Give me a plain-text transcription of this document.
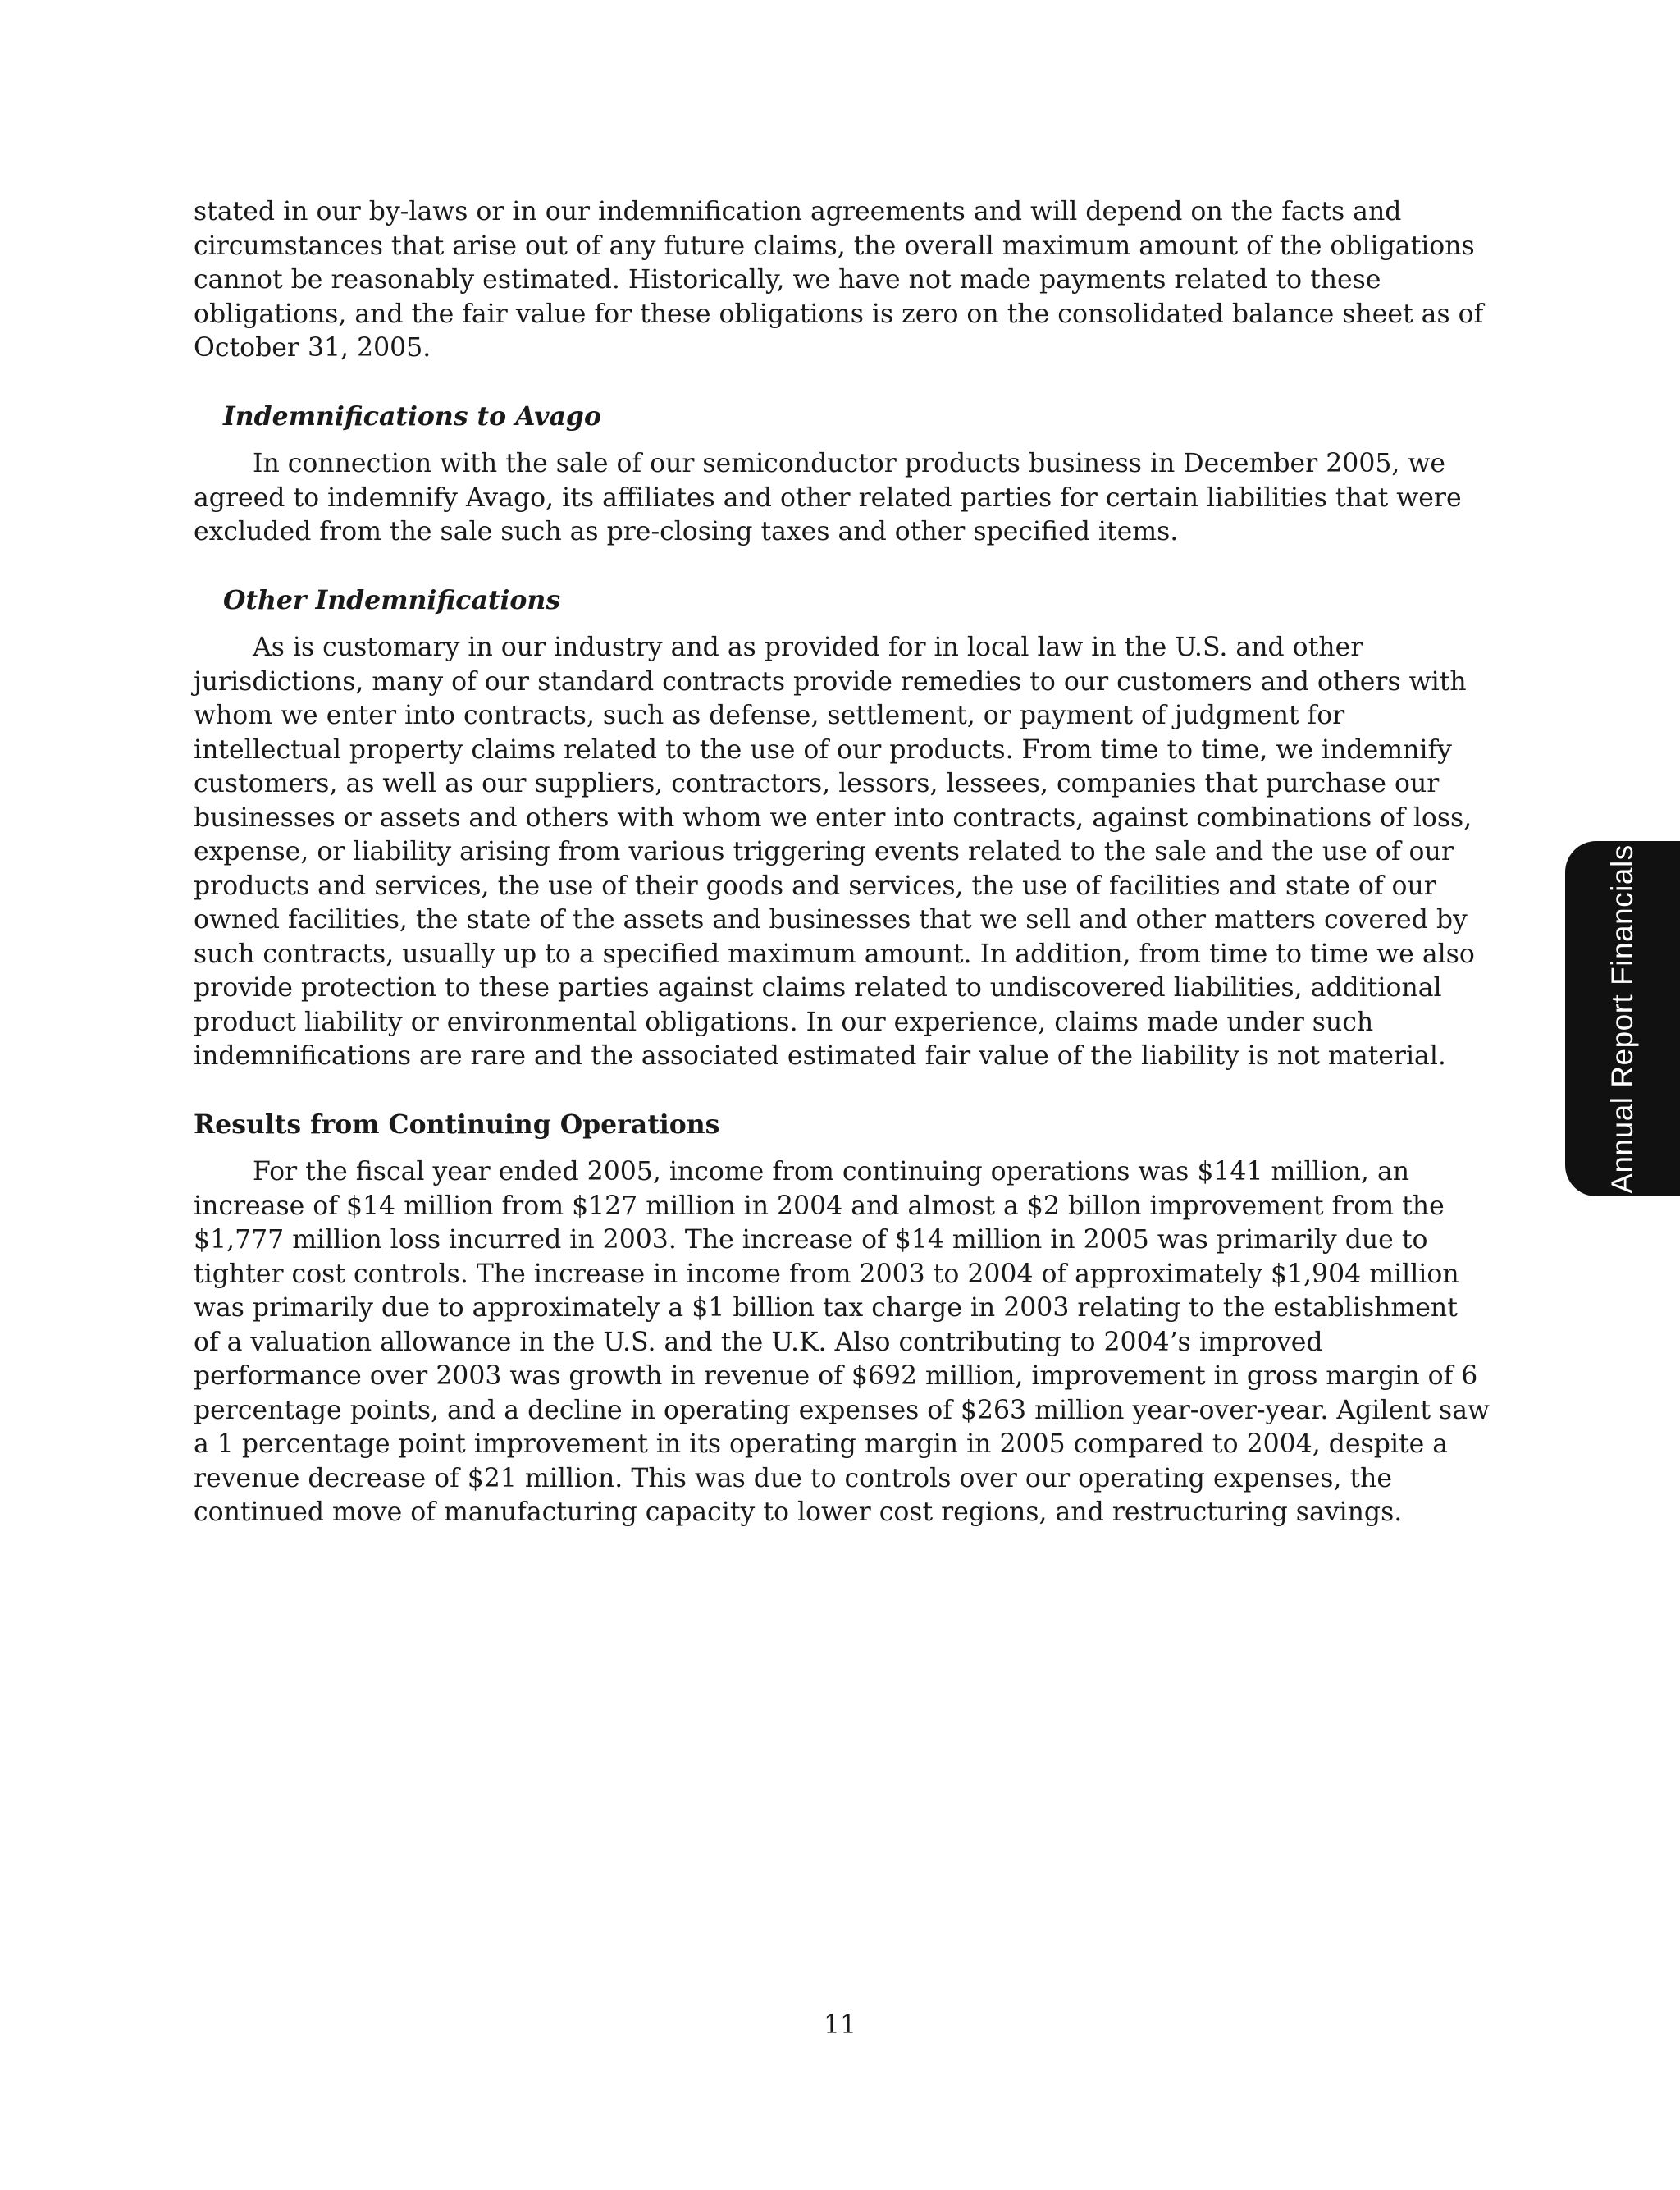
stated in our by-laws or in our indemnification agreements and will depend on the facts and circumstances that arise out of any future claims, the overall maximum amount of the obligations cannot be reasonably estimated. Historically, we have not made payments related to these obligations, and the fair value for these obligations is zero on the consolidated balance sheet as of October 31, 2005.

Indemnifications to Avago

In connection with the sale of our semiconductor products business in December 2005, we agreed to indemnify Avago, its affiliates and other related parties for certain liabilities that were excluded from the sale such as pre-closing taxes and other specified items.

Other Indemnifications

As is customary in our industry and as provided for in local law in the U.S. and other jurisdictions, many of our standard contracts provide remedies to our customers and others with whom we enter into contracts, such as defense, settlement, or payment of judgment for intellectual property claims related to the use of our products. From time to time, we indemnify customers, as well as our suppliers, contractors, lessors, lessees, companies that purchase our businesses or assets and others with whom we enter into contracts, against combinations of loss, expense, or liability arising from various triggering events related to the sale and the use of our products and services, the use of their goods and services, the use of facilities and state of our owned facilities, the state of the assets and businesses that we sell and other matters covered by such contracts, usually up to a specified maximum amount. In addition, from time to time we also provide protection to these parties against claims related to undiscovered liabilities, additional product liability or environmental obligations. In our experience, claims made under such indemnifications are rare and the associated estimated fair value of the liability is not material.

Results from Continuing Operations

For the fiscal year ended 2005, income from continuing operations was $141 million, an increase of $14 million from $127 million in 2004 and almost a $2 billon improvement from the $1,777 million loss incurred in 2003. The increase of $14 million in 2005 was primarily due to tighter cost controls. The increase in income from 2003 to 2004 of approximately $1,904 million was primarily due to approximately a $1 billion tax charge in 2003 relating to the establishment of a valuation allowance in the U.S. and the U.K. Also contributing to 2004’s improved performance over 2003 was growth in revenue of $692 million, improvement in gross margin of 6 percentage points, and a decline in operating expenses of $263 million year-over-year. Agilent saw a 1 percentage point improvement in its operating margin in 2005 compared to 2004, despite a revenue decrease of $21 million. This was due to controls over our operating expenses, the continued move of manufacturing capacity to lower cost regions, and restructuring savings.

Annual Report Financials
11
